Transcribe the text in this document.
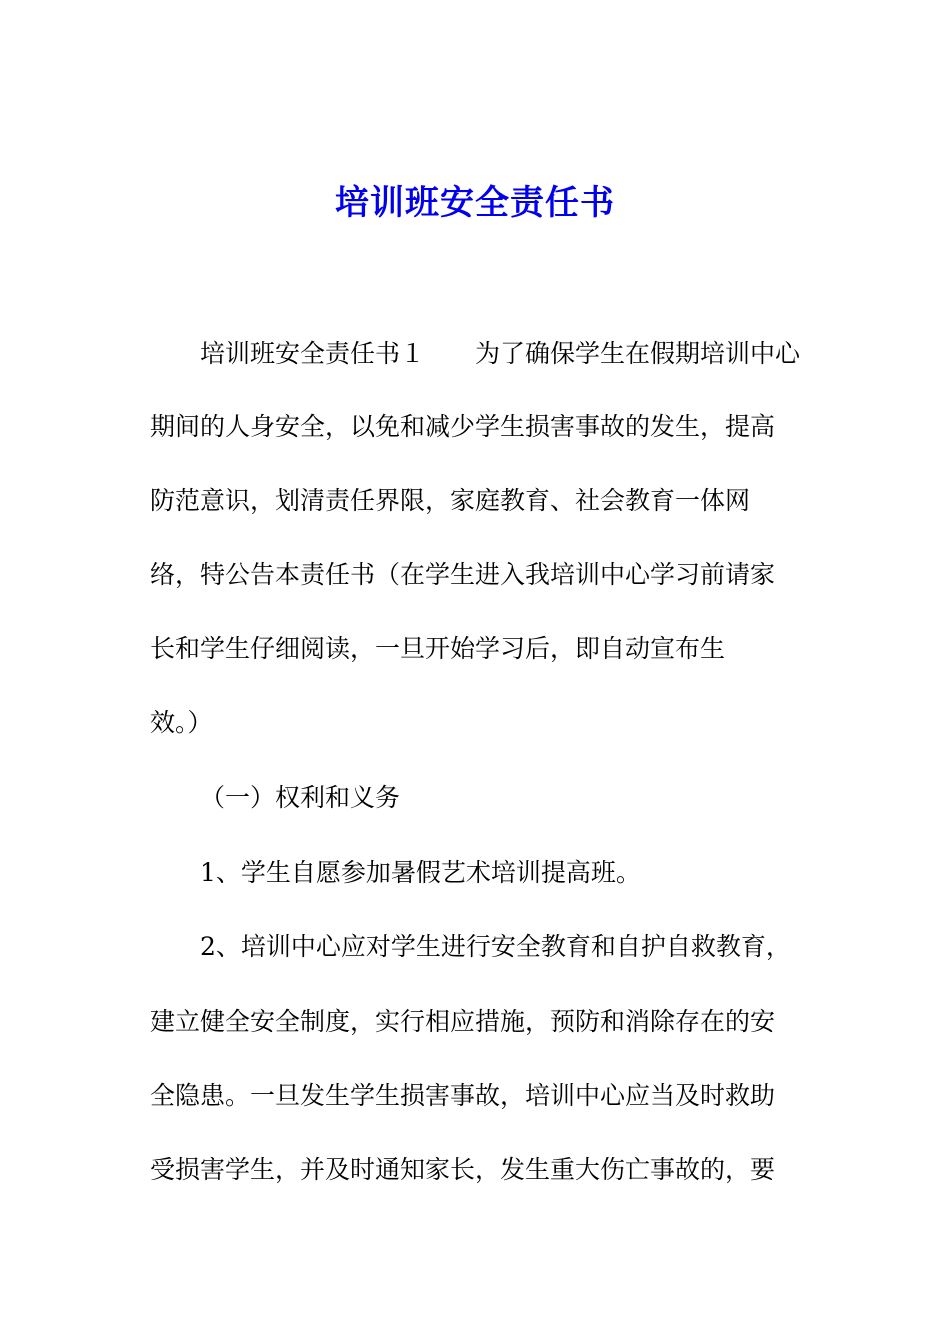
培训班安全责任书

培训班安全责任书１ 为了确保学生在假期培训中心

期间的人身安全，以免和减少学生损害事故的发生，提高

防范意识，划清责任界限，家庭教育、社会教育一体网

络，特公告本责任书（在学生进入我培训中心学习前请家

长和学生仔细阅读，一旦开始学习后，即自动宣布生

效。）

（一）权利和义务

1、学生自愿参加暑假艺术培训提高班。

2、培训中心应对学生进行安全教育和自护自救教育，

建立健全安全制度，实行相应措施，预防和消除存在的安

全隐患。一旦发生学生损害事故，培训中心应当及时救助

受损害学生，并及时通知家长，发生重大伤亡事故的，要
